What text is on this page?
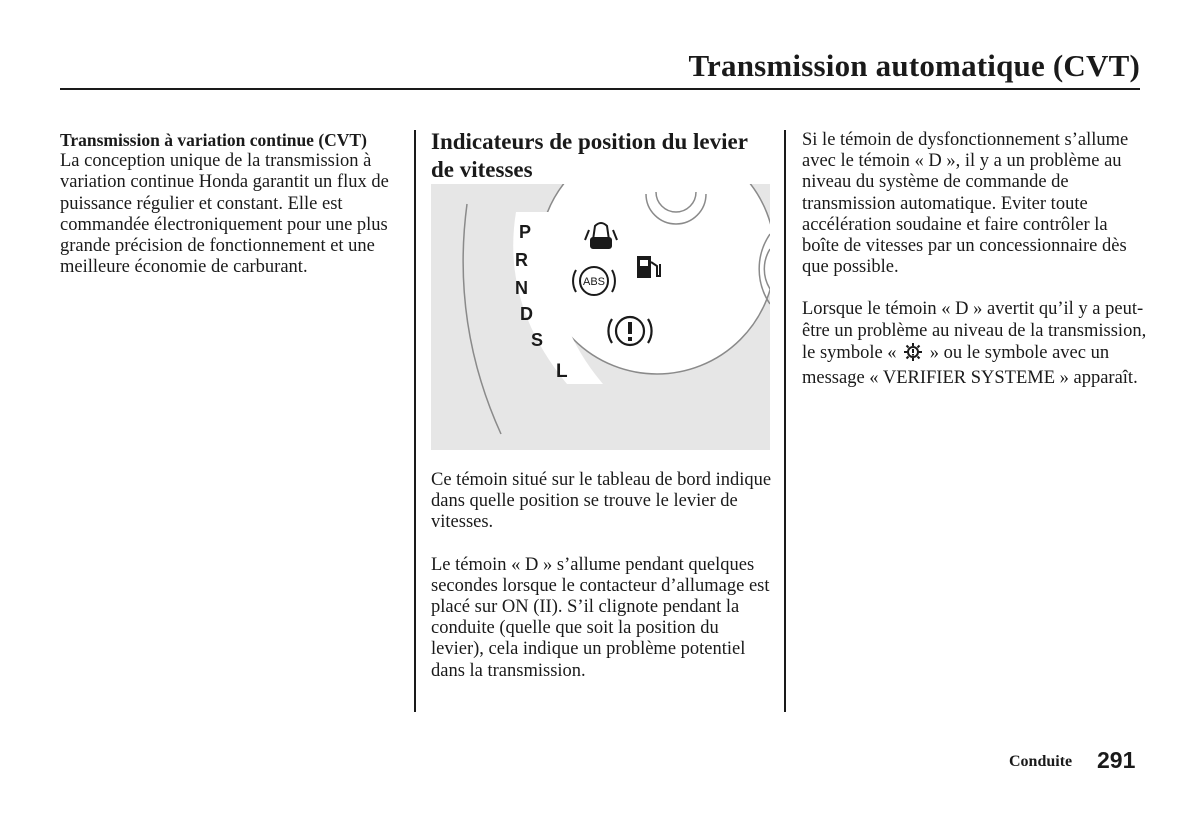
Transmission automatique (CVT)

Transmission à variation continue (CVT)

La conception unique de la transmission à variation continue Honda garantit un flux de puissance régulier et constant. Elle est commandée électroniquement pour une plus grande précision de fonctionnement et une meilleure économie de carburant.

Indicateurs de position du levier de vitesses

P
R
N
D
S
L
ABS

Ce témoin situé sur le tableau de bord indique dans quelle position se trouve le levier de vitesses.

Le témoin « D » s’allume pendant quelques secondes lorsque le contacteur d’allumage est placé sur ON (II). S’il clignote pendant la conduite (quelle que soit la position du levier), cela indique un problème potentiel dans la transmission.

Si le témoin de dysfonctionnement s’allume avec le témoin « D », il y a un problème au niveau du système de commande de transmission automatique. Eviter toute accélération soudaine et faire contrôler la boîte de vitesses par un concessionnaire dès que possible.

Lorsque le témoin « D » avertit qu’il y a peut-être un problème au niveau de la transmission, le symbole «  » ou le symbole avec un message « VERIFIER SYSTEME » apparaît.

Conduite 291
